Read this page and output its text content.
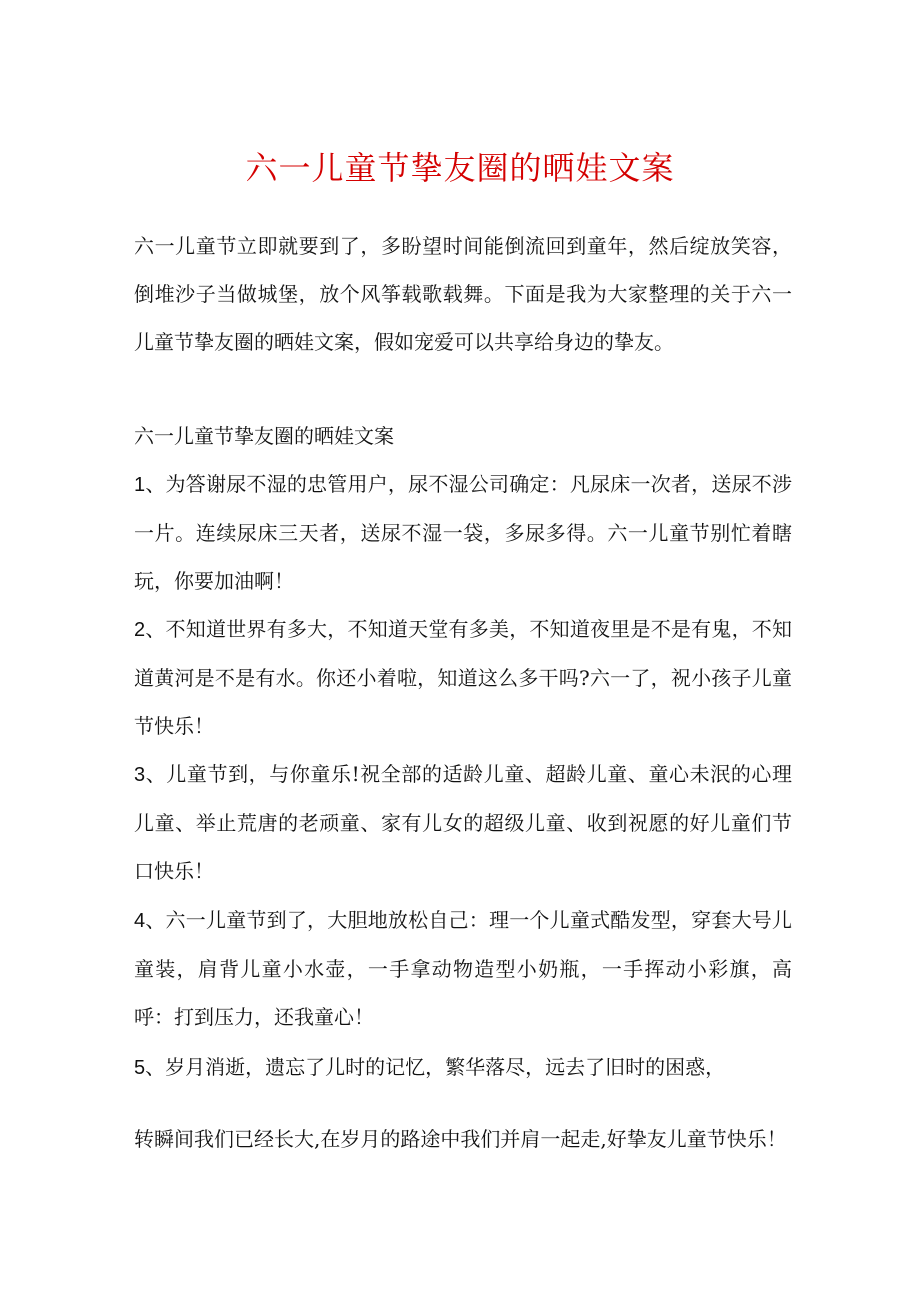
六一儿童节挚友圈的晒娃文案

六一儿童节立即就要到了，多盼望时间能倒流回到童年，然后绽放笑容，倒堆沙子当做城堡，放个风筝载歌载舞。下面是我为大家整理的关于六一儿童节挚友圈的晒娃文案，假如宠爱可以共享给身边的挚友。

六一儿童节挚友圈的晒娃文案

1、为答谢尿不湿的忠管用户，尿不湿公司确定：凡尿床一次者，送尿不涉一片。连续尿床三天者，送尿不湿一袋，多尿多得。六一儿童节别忙着瞎玩，你要加油啊！

2、不知道世界有多大，不知道天堂有多美，不知道夜里是不是有鬼，不知道黄河是不是有水。你还小着啦，知道这么多干吗?六一了，祝小孩子儿童节快乐！

3、儿童节到，与你童乐!祝全部的适龄儿童、超龄儿童、童心未泯的心理儿童、举止荒唐的老顽童、家有儿女的超级儿童、收到祝愿的好儿童们节口快乐！

4、六一儿童节到了，大胆地放松自己：理一个儿童式酷发型，穿套大号儿童装，肩背儿童小水壶，一手拿动物造型小奶瓶，一手挥动小彩旗，高呼：打到压力，还我童心！

5、岁月消逝，遗忘了儿时的记忆，繁华落尽，远去了旧时的困惑，

转瞬间我们已经长大,在岁月的路途中我们并肩一起走,好挚友儿童节快乐！
